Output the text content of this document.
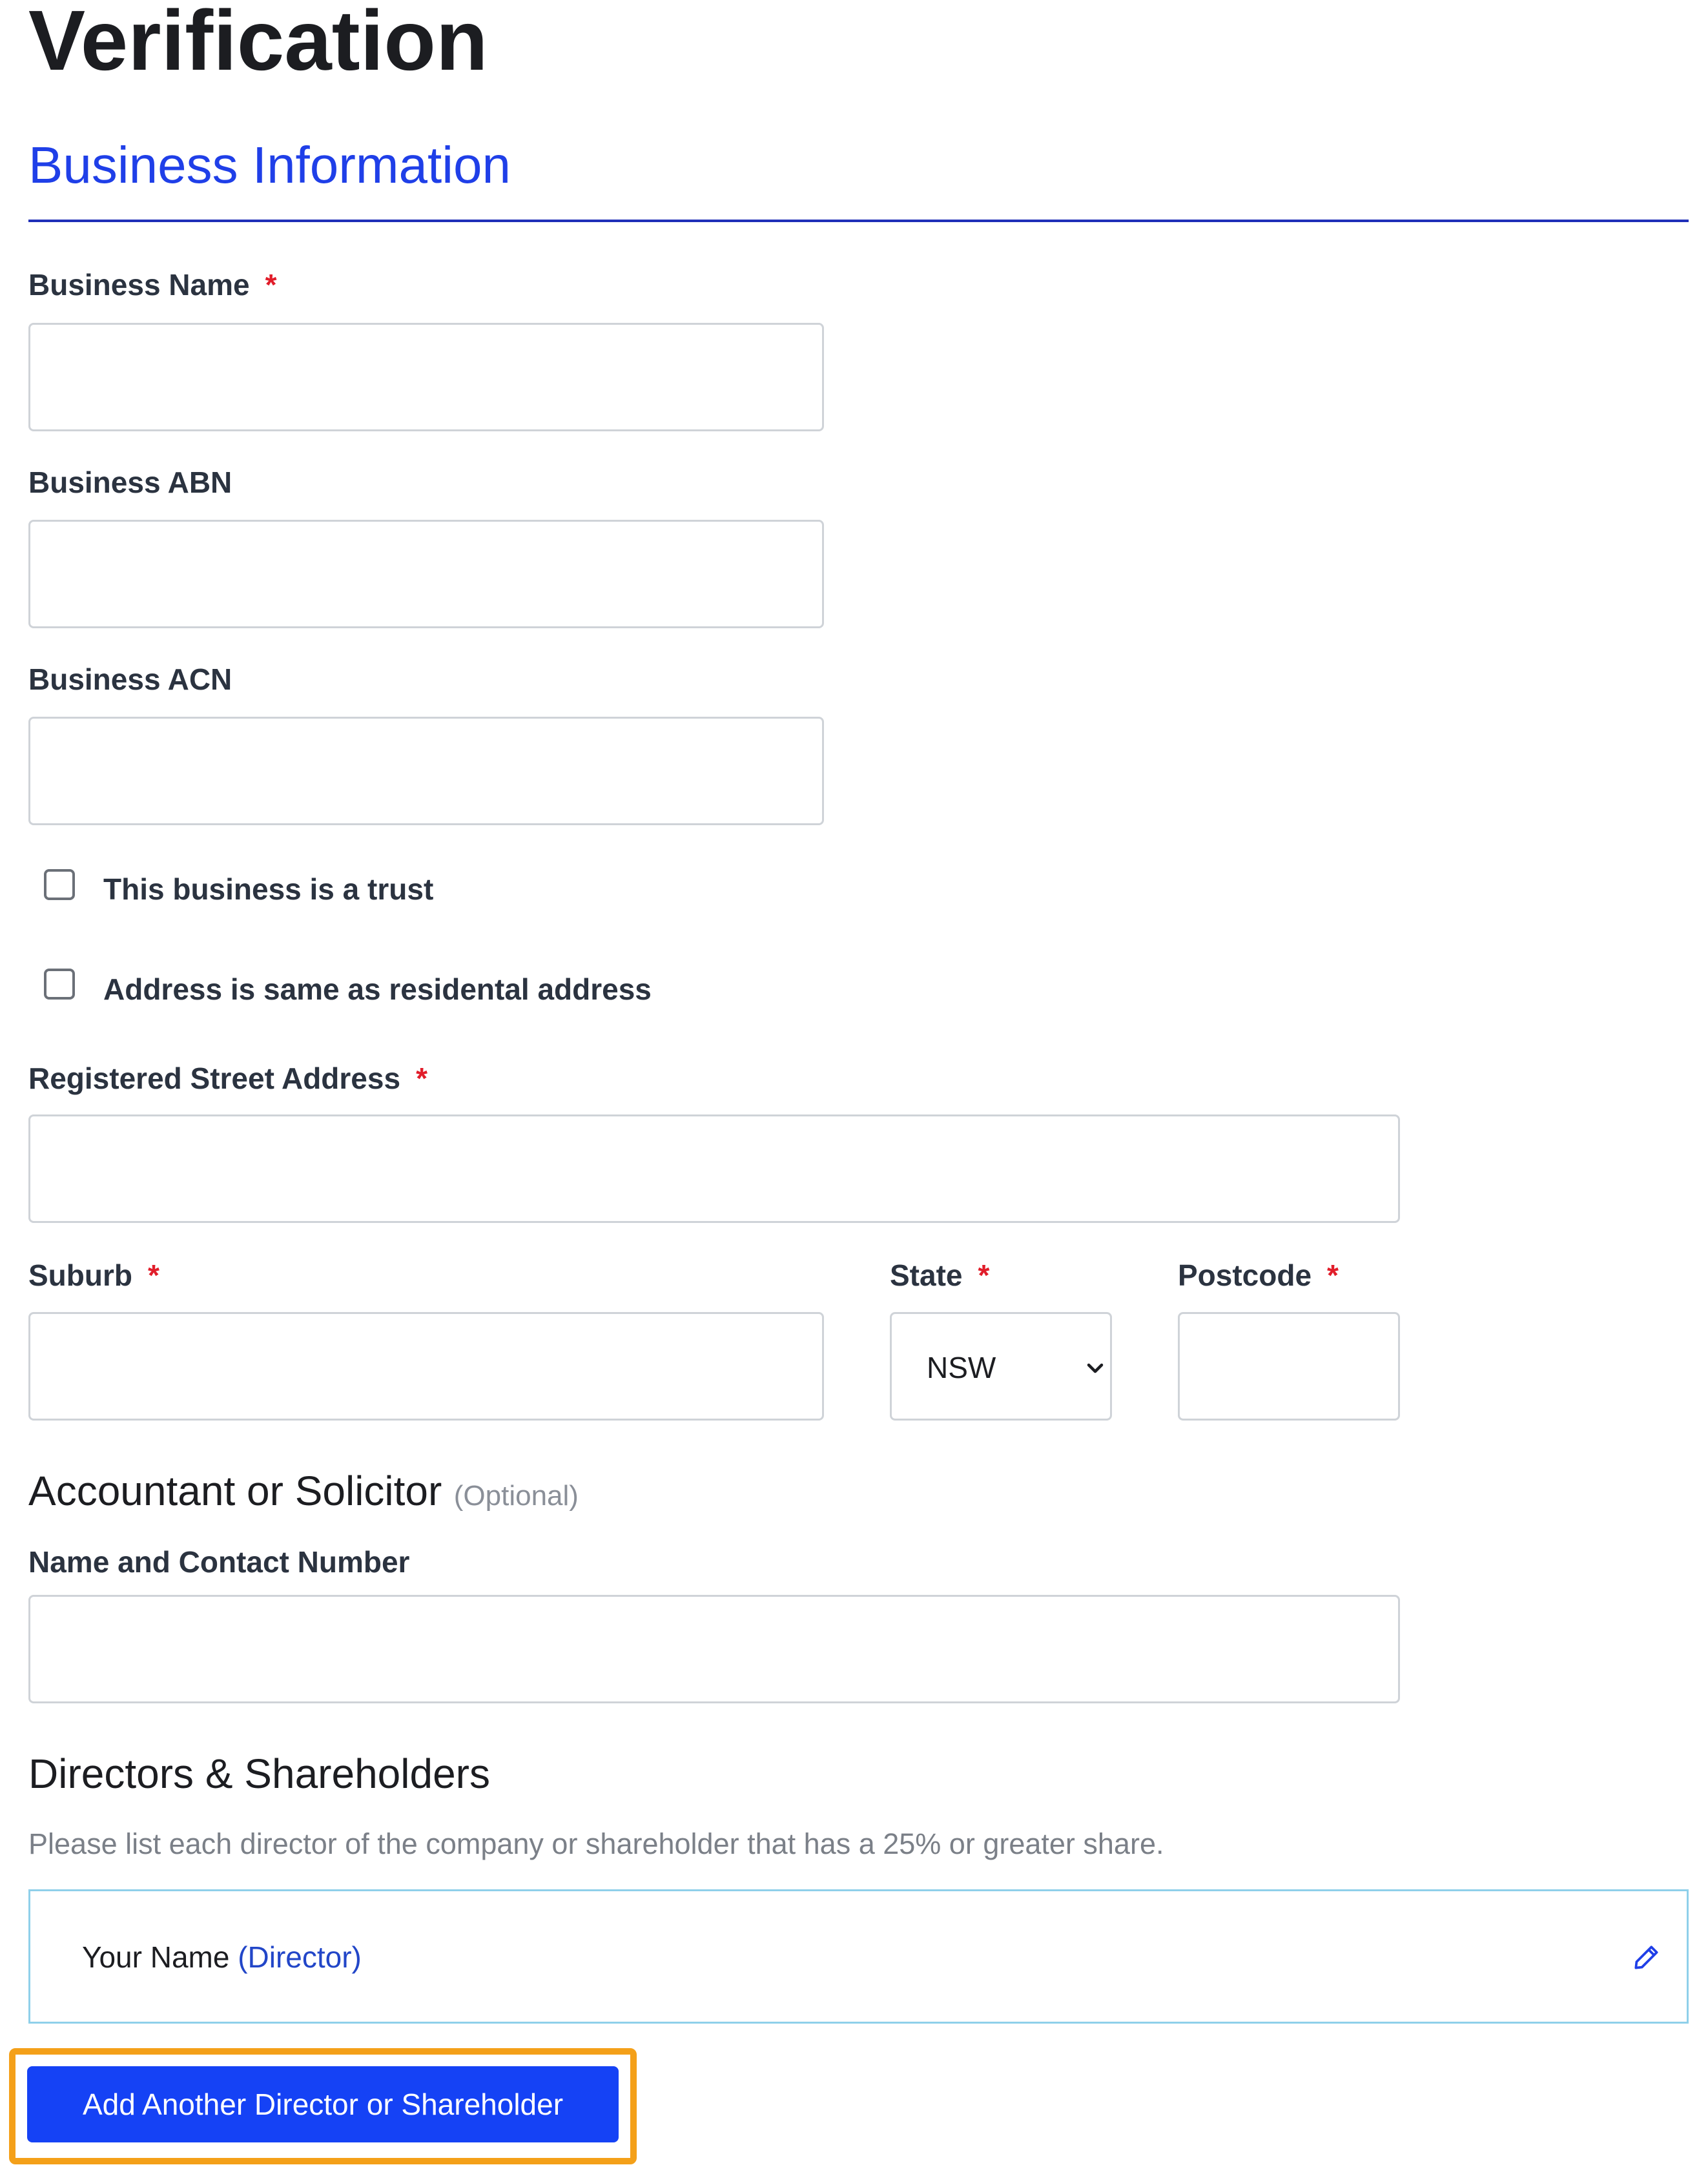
Verification
Business Information
Business Name *
Business ABN
Business ACN
This business is a trust
Address is same as residental address
Registered Street Address *
Suburb *	State *
NSW
Postcode *
Accountant or Solicitor (Optional)
Name and Contact Number
Directors & Shareholders
Please list each director of the company or shareholder that has a 25% or greater share.
Your Name (Director)
Add Another Director or Shareholder
